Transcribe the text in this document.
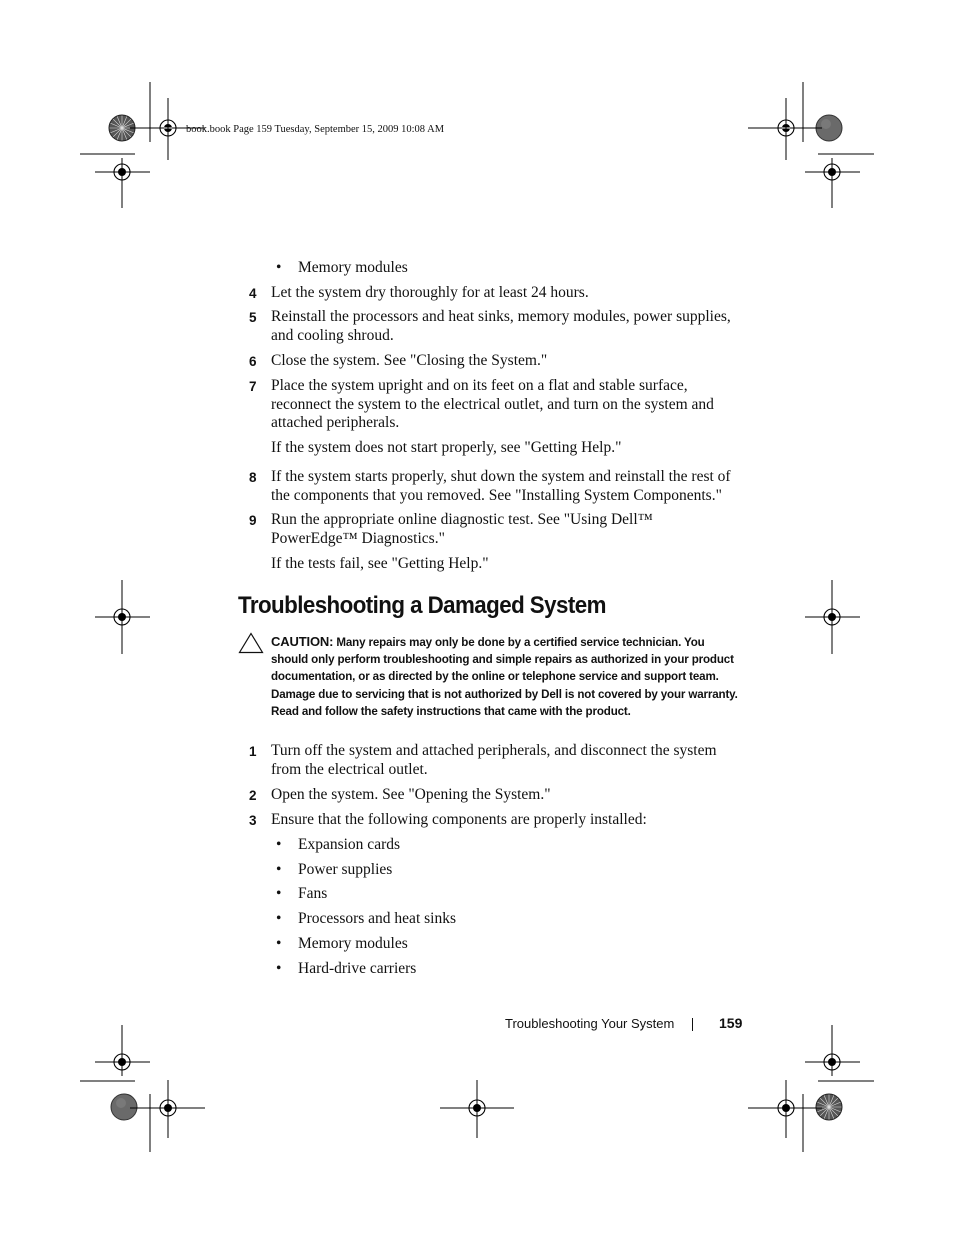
book.book Page 159 Tuesday, September 15, 2009 10:08 AM
• Memory modules
4 Let the system dry thoroughly for at least 24 hours.
5 Reinstall the processors and heat sinks, memory modules, power supplies, and cooling shroud.
6 Close the system. See "Closing the System."
7 Place the system upright and on its feet on a flat and stable surface, reconnect the system to the electrical outlet, and turn on the system and attached peripherals.
If the system does not start properly, see "Getting Help."
8 If the system starts properly, shut down the system and reinstall the rest of the components that you removed. See "Installing System Components."
9 Run the appropriate online diagnostic test. See "Using Dell™ PowerEdge™ Diagnostics."
If the tests fail, see "Getting Help."
Troubleshooting a Damaged System
CAUTION: Many repairs may only be done by a certified service technician. You should only perform troubleshooting and simple repairs as authorized in your product documentation, or as directed by the online or telephone service and support team. Damage due to servicing that is not authorized by Dell is not covered by your warranty. Read and follow the safety instructions that came with the product.
1 Turn off the system and attached peripherals, and disconnect the system from the electrical outlet.
2 Open the system. See "Opening the System."
3 Ensure that the following components are properly installed:
• Expansion cards
• Power supplies
• Fans
• Processors and heat sinks
• Memory modules
• Hard-drive carriers
Troubleshooting Your System	159
